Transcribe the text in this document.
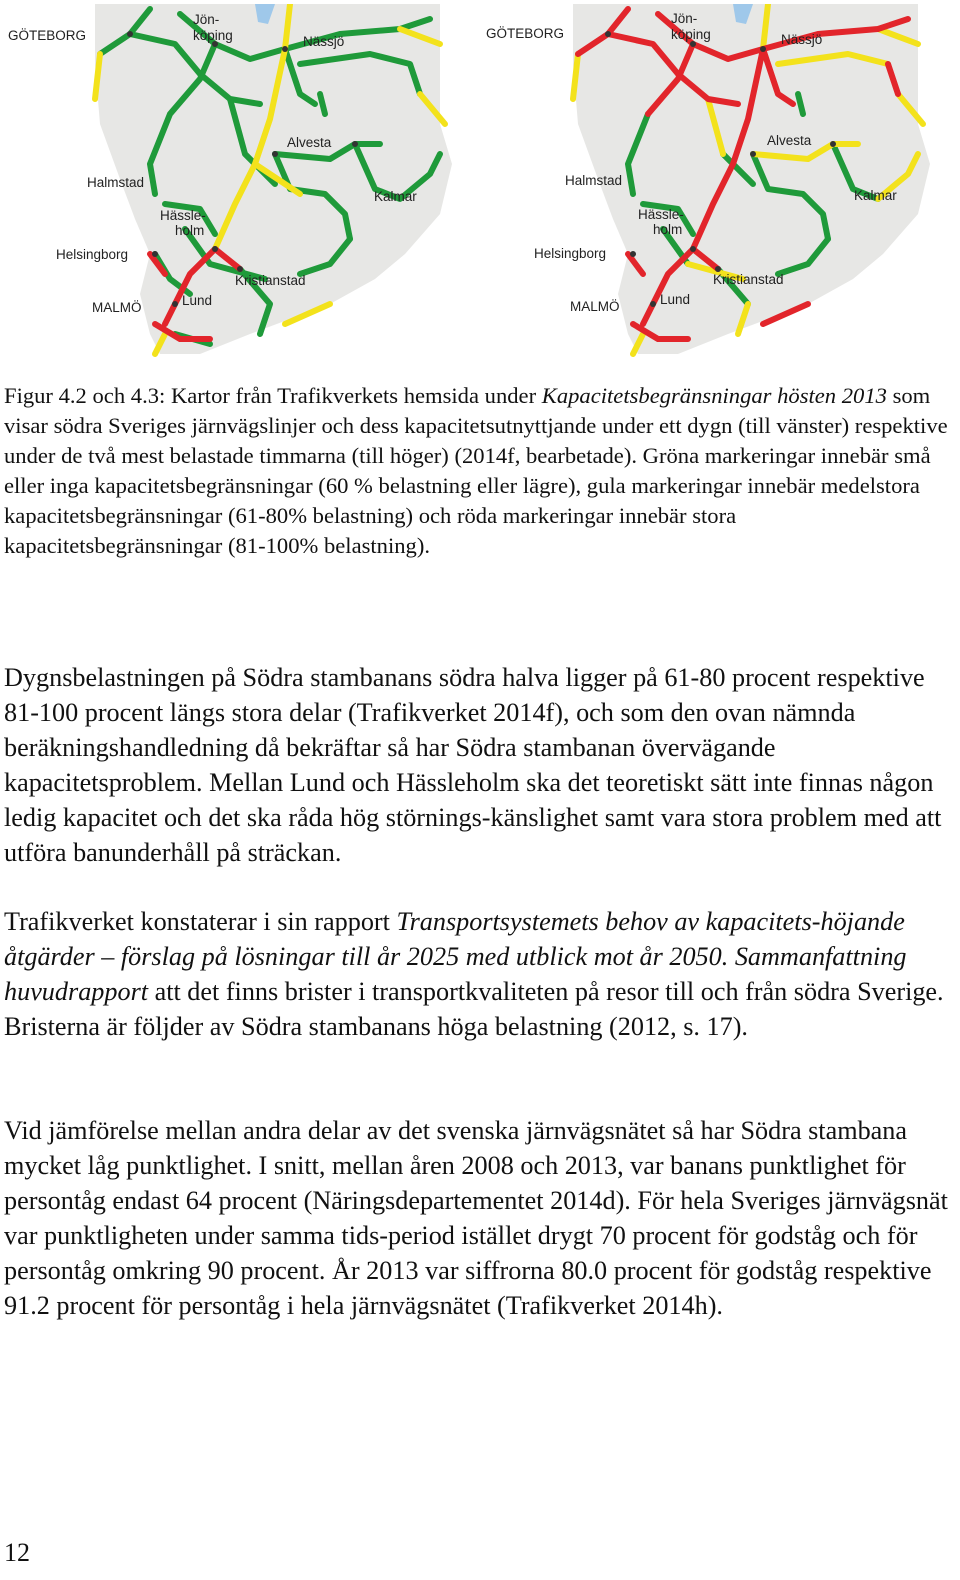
GÖTEBORG
Jön-
köping	Nässjö
Alvesta
Halmstad
Kalmar
Hässle-
holm
Helsingborg
Kristianstad
MALMÖ	Lund
GÖTEBORG
Jön-
köping	Nässjö
Alvesta
Halmstad
Kalmar
Hässle-
holm
Helsingborg
Kristianstad
MALMÖ	Lund

Figur 4.2 och 4.3: Kartor från Trafikverkets hemsida under Kapacitetsbegränsningar hösten 2013 som visar södra Sveriges järnvägslinjer och dess kapacitetsutnyttjande under ett dygn (till vänster) respektive under de två mest belastade timmarna (till höger) (2014f, bearbetade). Gröna markeringar innebär små eller inga kapacitetsbegränsningar (60 % belastning eller lägre), gula markeringar innebär medelstora kapacitetsbegränsningar (61-80% belastning) och röda markeringar innebär stora kapacitetsbegränsningar (81-100% belastning).

Dygnsbelastningen på Södra stambanans södra halva ligger på 61-80 procent respektive 81-100 procent längs stora delar (Trafikverket 2014f), och som den ovan nämnda beräkningshandledning då bekräftar så har Södra stambanan övervägande kapacitetsproblem. Mellan Lund och Hässleholm ska det teoretiskt sätt inte finnas någon ledig kapacitet och det ska råda hög störnings-känslighet samt vara stora problem med att utföra banunderhåll på sträckan.

Trafikverket konstaterar i sin rapport Transportsystemets behov av kapacitets-höjande åtgärder – förslag på lösningar till år 2025 med utblick mot år 2050. Sammanfattning huvudrapport att det finns brister i transportkvaliteten på resor till och från södra Sverige. Bristerna är följder av Södra stambanans höga belastning (2012, s. 17).

Vid jämförelse mellan andra delar av det svenska järnvägsnätet så har Södra stambana mycket låg punktlighet. I snitt, mellan åren 2008 och 2013, var banans punktlighet för persontåg endast 64 procent (Näringsdepartementet 2014d). För hela Sveriges järnvägsnät var punktligheten under samma tids-period istället drygt 70 procent för godståg och för persontåg omkring 90 procent. År 2013 var siffrorna 80.0 procent för godståg respektive 91.2 procent för persontåg i hela järnvägsnätet (Trafikverket 2014h).

12
